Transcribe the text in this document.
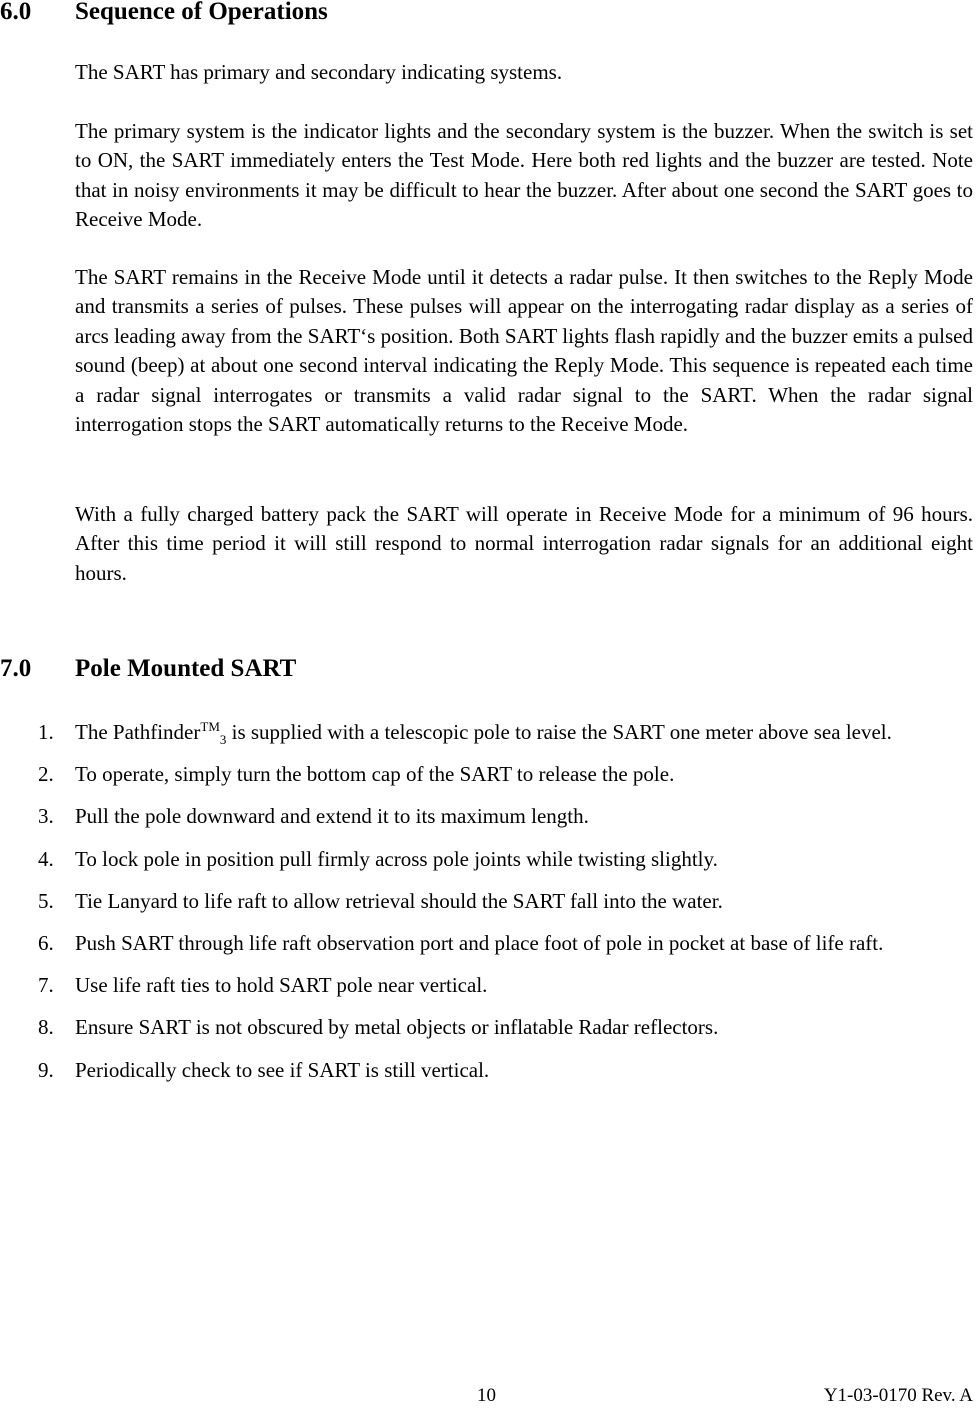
6.0 Sequence of Operations

The SART has primary and secondary indicating systems.

The primary system is the indicator lights and the secondary system is the buzzer. When the switch is set to ON, the SART immediately enters the Test Mode. Here both red lights and the buzzer are tested. Note that in noisy environments it may be difficult to hear the buzzer. After about one second the SART goes to Receive Mode.

The SART remains in the Receive Mode until it detects a radar pulse. It then switches to the Reply Mode and transmits a series of pulses. These pulses will appear on the interrogating radar display as a series of arcs leading away from the SART‘s position. Both SART lights flash rapidly and the buzzer emits a pulsed sound (beep) at about one second interval indicating the Reply Mode. This sequence is repeated each time a radar signal interrogates or transmits a valid radar signal to the SART. When the radar signal interrogation stops the SART automatically returns to the Receive Mode.

With a fully charged battery pack the SART will operate in Receive Mode for a minimum of 96 hours. After this time period it will still respond to normal interrogation radar signals for an additional eight hours.

7.0 Pole Mounted SART
1. The Pathfinder™$_3$ is supplied with a telescopic pole to raise the SART one meter above sea level.
2. To operate, simply turn the bottom cap of the SART to release the pole.
3. Pull the pole downward and extend it to its maximum length.
4. To lock pole in position pull firmly across pole joints while twisting slightly.
5. Tie Lanyard to life raft to allow retrieval should the SART fall into the water.
6. Push SART through life raft observation port and place foot of pole in pocket at base of life raft.
7. Use life raft ties to hold SART pole near vertical.
8. Ensure SART is not obscured by metal objects or inflatable Radar reflectors.
9. Periodically check to see if SART is still vertical.
10	Y1-03-0170 Rev. A
